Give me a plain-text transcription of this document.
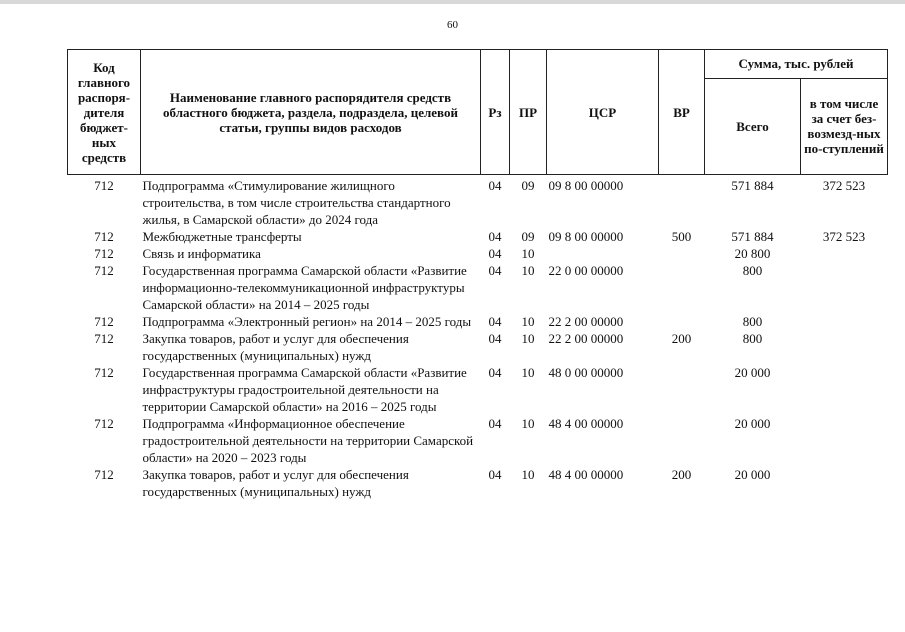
60
Код главного распоря-дителя бюджет-ных средств	Наименование главного распорядителя средств областного бюджета, раздела, подраздела, целевой статьи, группы видов расходов	Рз	ПР	ЦСР	ВР	Сумма, тыс. рублей	
						Всего	в том числе за счет без-возмезд-ных по-ступлений
712	Подпрограмма «Стимулирование жилищного строительства, в том числе строительства стандартного жилья, в Самарской области» до 2024 года	04	09	09 8 00 00000		571 884	372 523
712	Межбюджетные трансферты	04	09	09 8 00 00000	500	571 884	372 523
712	Связь и информатика	04	10			20 800	
712	Государственная программа Самарской области «Развитие информационно-телекоммуникационной инфраструктуры Самарской области» на 2014 – 2025 годы	04	10	22 0 00 00000		800	
712	Подпрограмма «Электронный регион» на 2014 – 2025 годы	04	10	22 2 00 00000		800	
712	Закупка товаров, работ и услуг для обеспечения государственных (муниципальных) нужд	04	10	22 2 00 00000	200	800	
712	Государственная программа Самарской области «Развитие инфраструктуры градостроительной деятельности на территории Самарской области» на 2016 – 2025 годы	04	10	48 0 00 00000		20 000	
712	Подпрограмма «Информационное обеспечение градостроительной деятельности на территории Самарской области» на 2020 – 2023 годы	04	10	48 4 00 00000		20 000	
712	Закупка товаров, работ и услуг для обеспечения государственных (муниципальных) нужд	04	10	48 4 00 00000	200	20 000	
